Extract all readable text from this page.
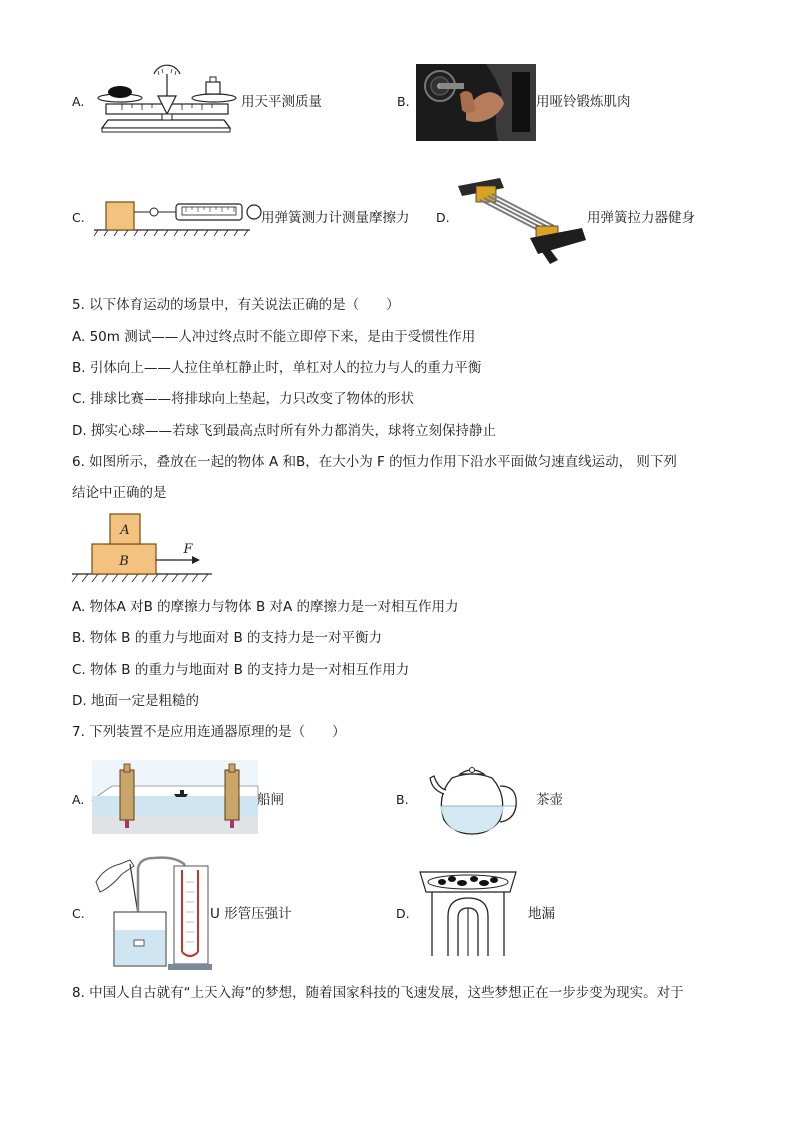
A.	用天平测质量	B.	用哑铃锻炼肌肉
C.	用弹簧测力计测量摩擦力 D.	用弹簧拉力器健身
5. 以下体育运动的场景中，有关说法正确的是（　　）
A. 50m 测试——人冲过终点时不能立即停下来，是由于受惯性作用
B. 引体向上——人拉住单杠静止时，单杠对人的拉力与人的重力平衡
C. 排球比赛——将排球向上垫起，力只改变了物体的形状
D. 掷实心球——若球飞到最高点时所有外力都消失，球将立刻保持静止
6. 如图所示，叠放在一起的物体 A 和B，在大小为 F 的恒力作用下沿水平面做匀速直线运动， 则下列
结论中正确的是
A
B
F
A. 物体A 对B 的摩擦力与物体 B 对A 的摩擦力是一对相互作用力
B. 物体 B 的重力与地面对 B 的支持力是一对平衡力
C. 物体 B 的重力与地面对 B 的支持力是一对相互作用力
D. 地面一定是粗糙的
7. 下列装置不是应用连通器原理的是（　　）
A.	船闸	B.	茶壶
C.	U 形管压强计	D.	地漏
8. 中国人自古就有“上天入海”的梦想，随着国家科技的飞速发展，这些梦想正在一步步变为现实。对于
